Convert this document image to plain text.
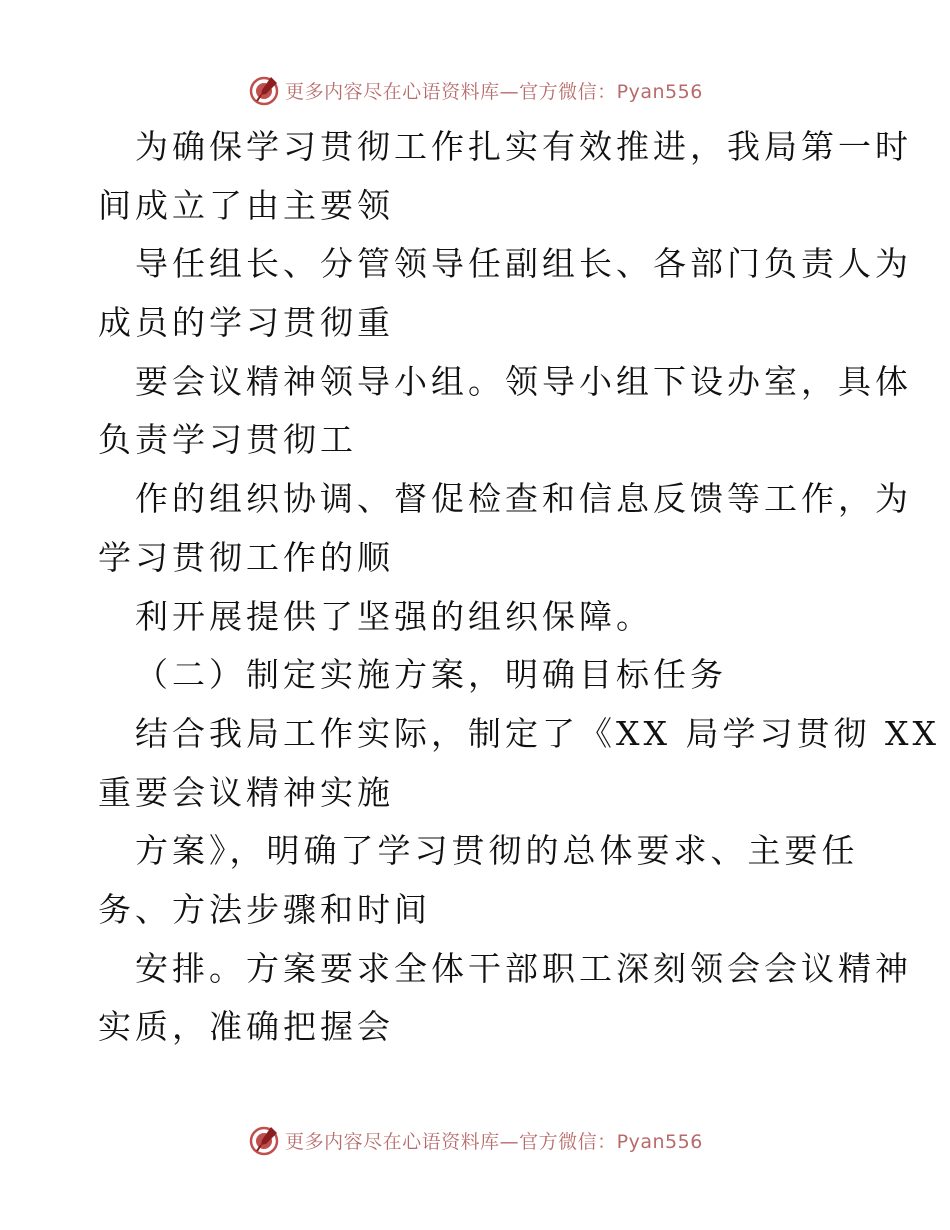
更多内容尽在心语资料库—官方微信：Pyan556
为确保学习贯彻工作扎实有效推进，我局第一时
间成立了由主要领
导任组长、分管领导任副组长、各部门负责人为
成员的学习贯彻重
要会议精神领导小组。领导小组下设办室，具体
负责学习贯彻工
作的组织协调、督促检查和信息反馈等工作，为
学习贯彻工作的顺
利开展提供了坚强的组织保障。
（二）制定实施方案，明确目标任务
结合我局工作实际，制定了《XX 局学习贯彻 XX
重要会议精神实施
方案》，明确了学习贯彻的总体要求、主要任
务、方法步骤和时间
安排。方案要求全体干部职工深刻领会会议精神
实质，准确把握会
更多内容尽在心语资料库—官方微信：Pyan556
